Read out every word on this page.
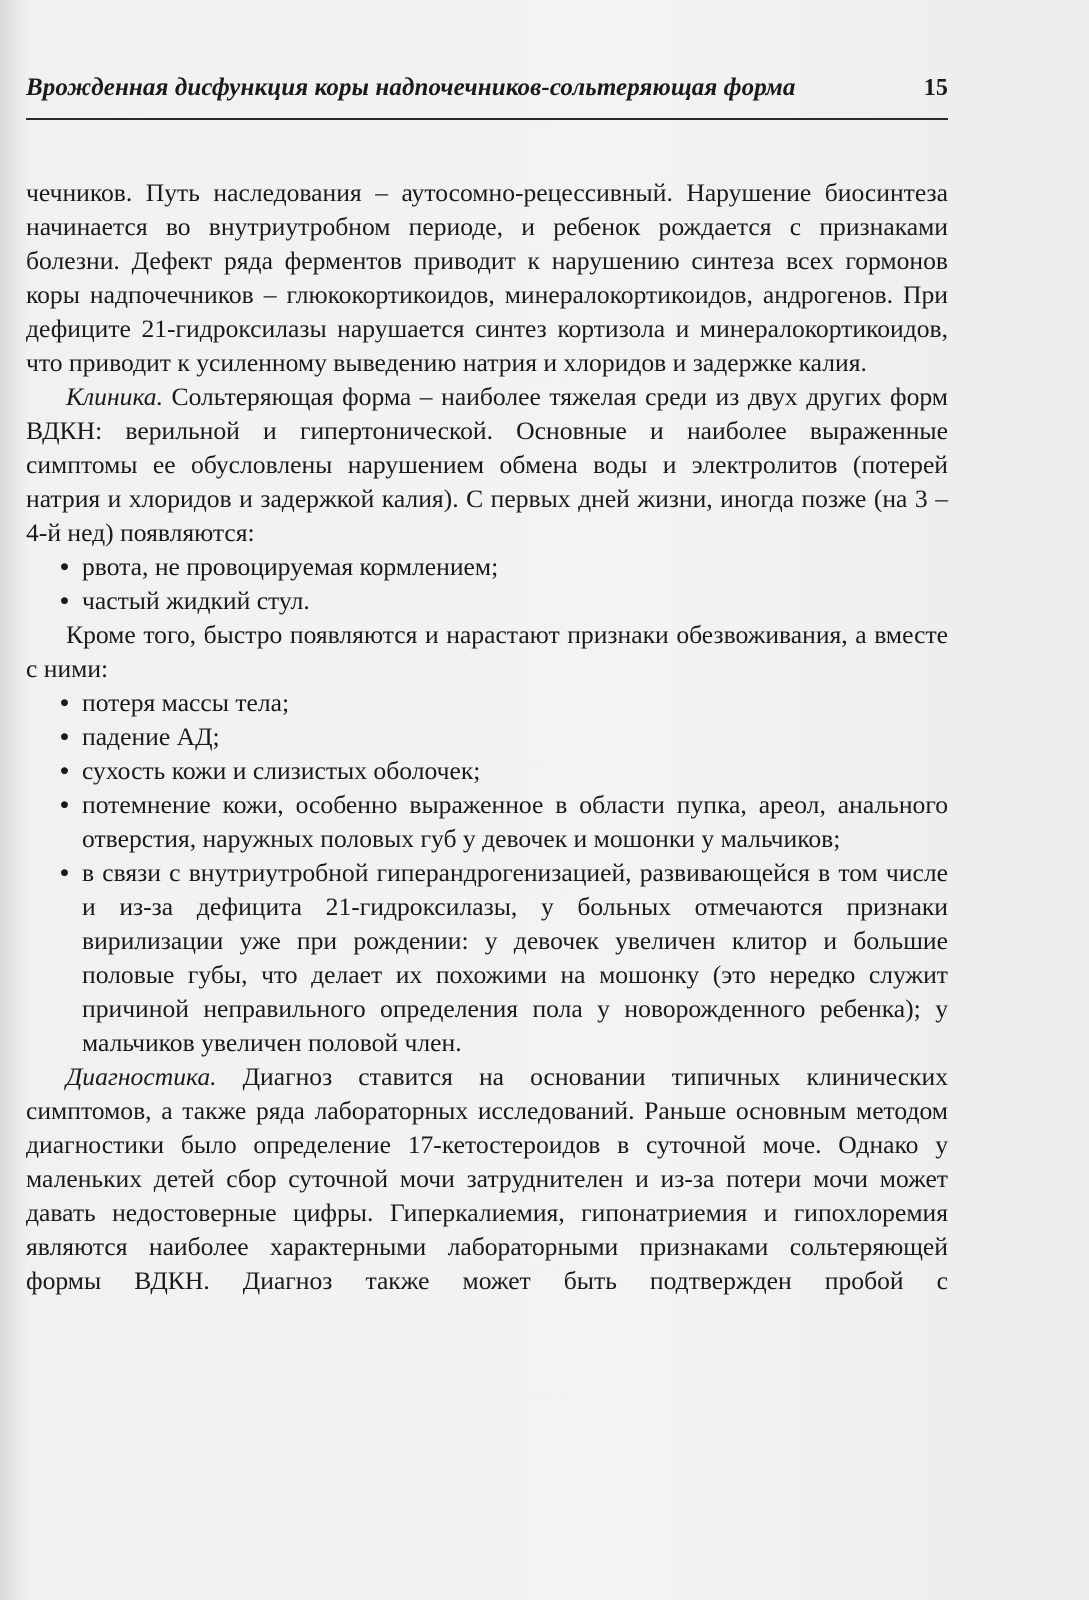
Врожденная дисфункция коры надпочечников-сольтеряющая форма	15

чечников. Путь наследования – аутосомно-рецессивный. Нарушение биосинтеза начинается во внутриутробном периоде, и ребенок рождается с признаками болезни. Дефект ряда ферментов приводит к нарушению синтеза всех гормонов коры надпочечников – глюкокортикоидов, минералокортикоидов, андрогенов. При дефиците 21-гидроксилазы нарушается синтез кортизола и минералокортикоидов, что приводит к усиленному выведению натрия и хлоридов и задержке калия.

Клиника. Сольтеряющая форма – наиболее тяжелая среди из двух других форм ВДКН: верильной и гипертонической. Основные и наиболее выраженные симптомы ее обусловлены нарушением обмена воды и электролитов (потерей натрия и хлоридов и задержкой калия). С первых дней жизни, иногда позже (на 3 – 4-й нед) появляются:

• рвота, не провоцируемая кормлением;
• частый жидкий стул.

Кроме того, быстро появляются и нарастают признаки обезвоживания, а вместе с ними:

• потеря массы тела;
• падение АД;
• сухость кожи и слизистых оболочек;
• потемнение кожи, особенно выраженное в области пупка, ареол, анального отверстия, наружных половых губ у девочек и мошонки у мальчиков;
• в связи с внутриутробной гиперандрогенизацией, развивающейся в том числе и из-за дефицита 21-гидроксилазы, у больных отмечаются признаки вирилизации уже при рождении: у девочек увеличен клитор и большие половые губы, что делает их похожими на мошонку (это нередко служит причиной неправильного определения пола у новорожденного ребенка); у мальчиков увеличен половой член.

Диагностика. Диагноз ставится на основании типичных клинических симптомов, а также ряда лабораторных исследований. Раньше основным методом диагностики было определение 17-кетостероидов в суточной моче. Однако у маленьких детей сбор суточной мочи затруднителен и из-за потери мочи может давать недостоверные цифры. Гиперкалиемия, гипонатриемия и гипохлоремия являются наиболее характерными лабораторными признаками сольтеряющей формы ВДКН. Диагноз также может быть подтвержден пробой с
